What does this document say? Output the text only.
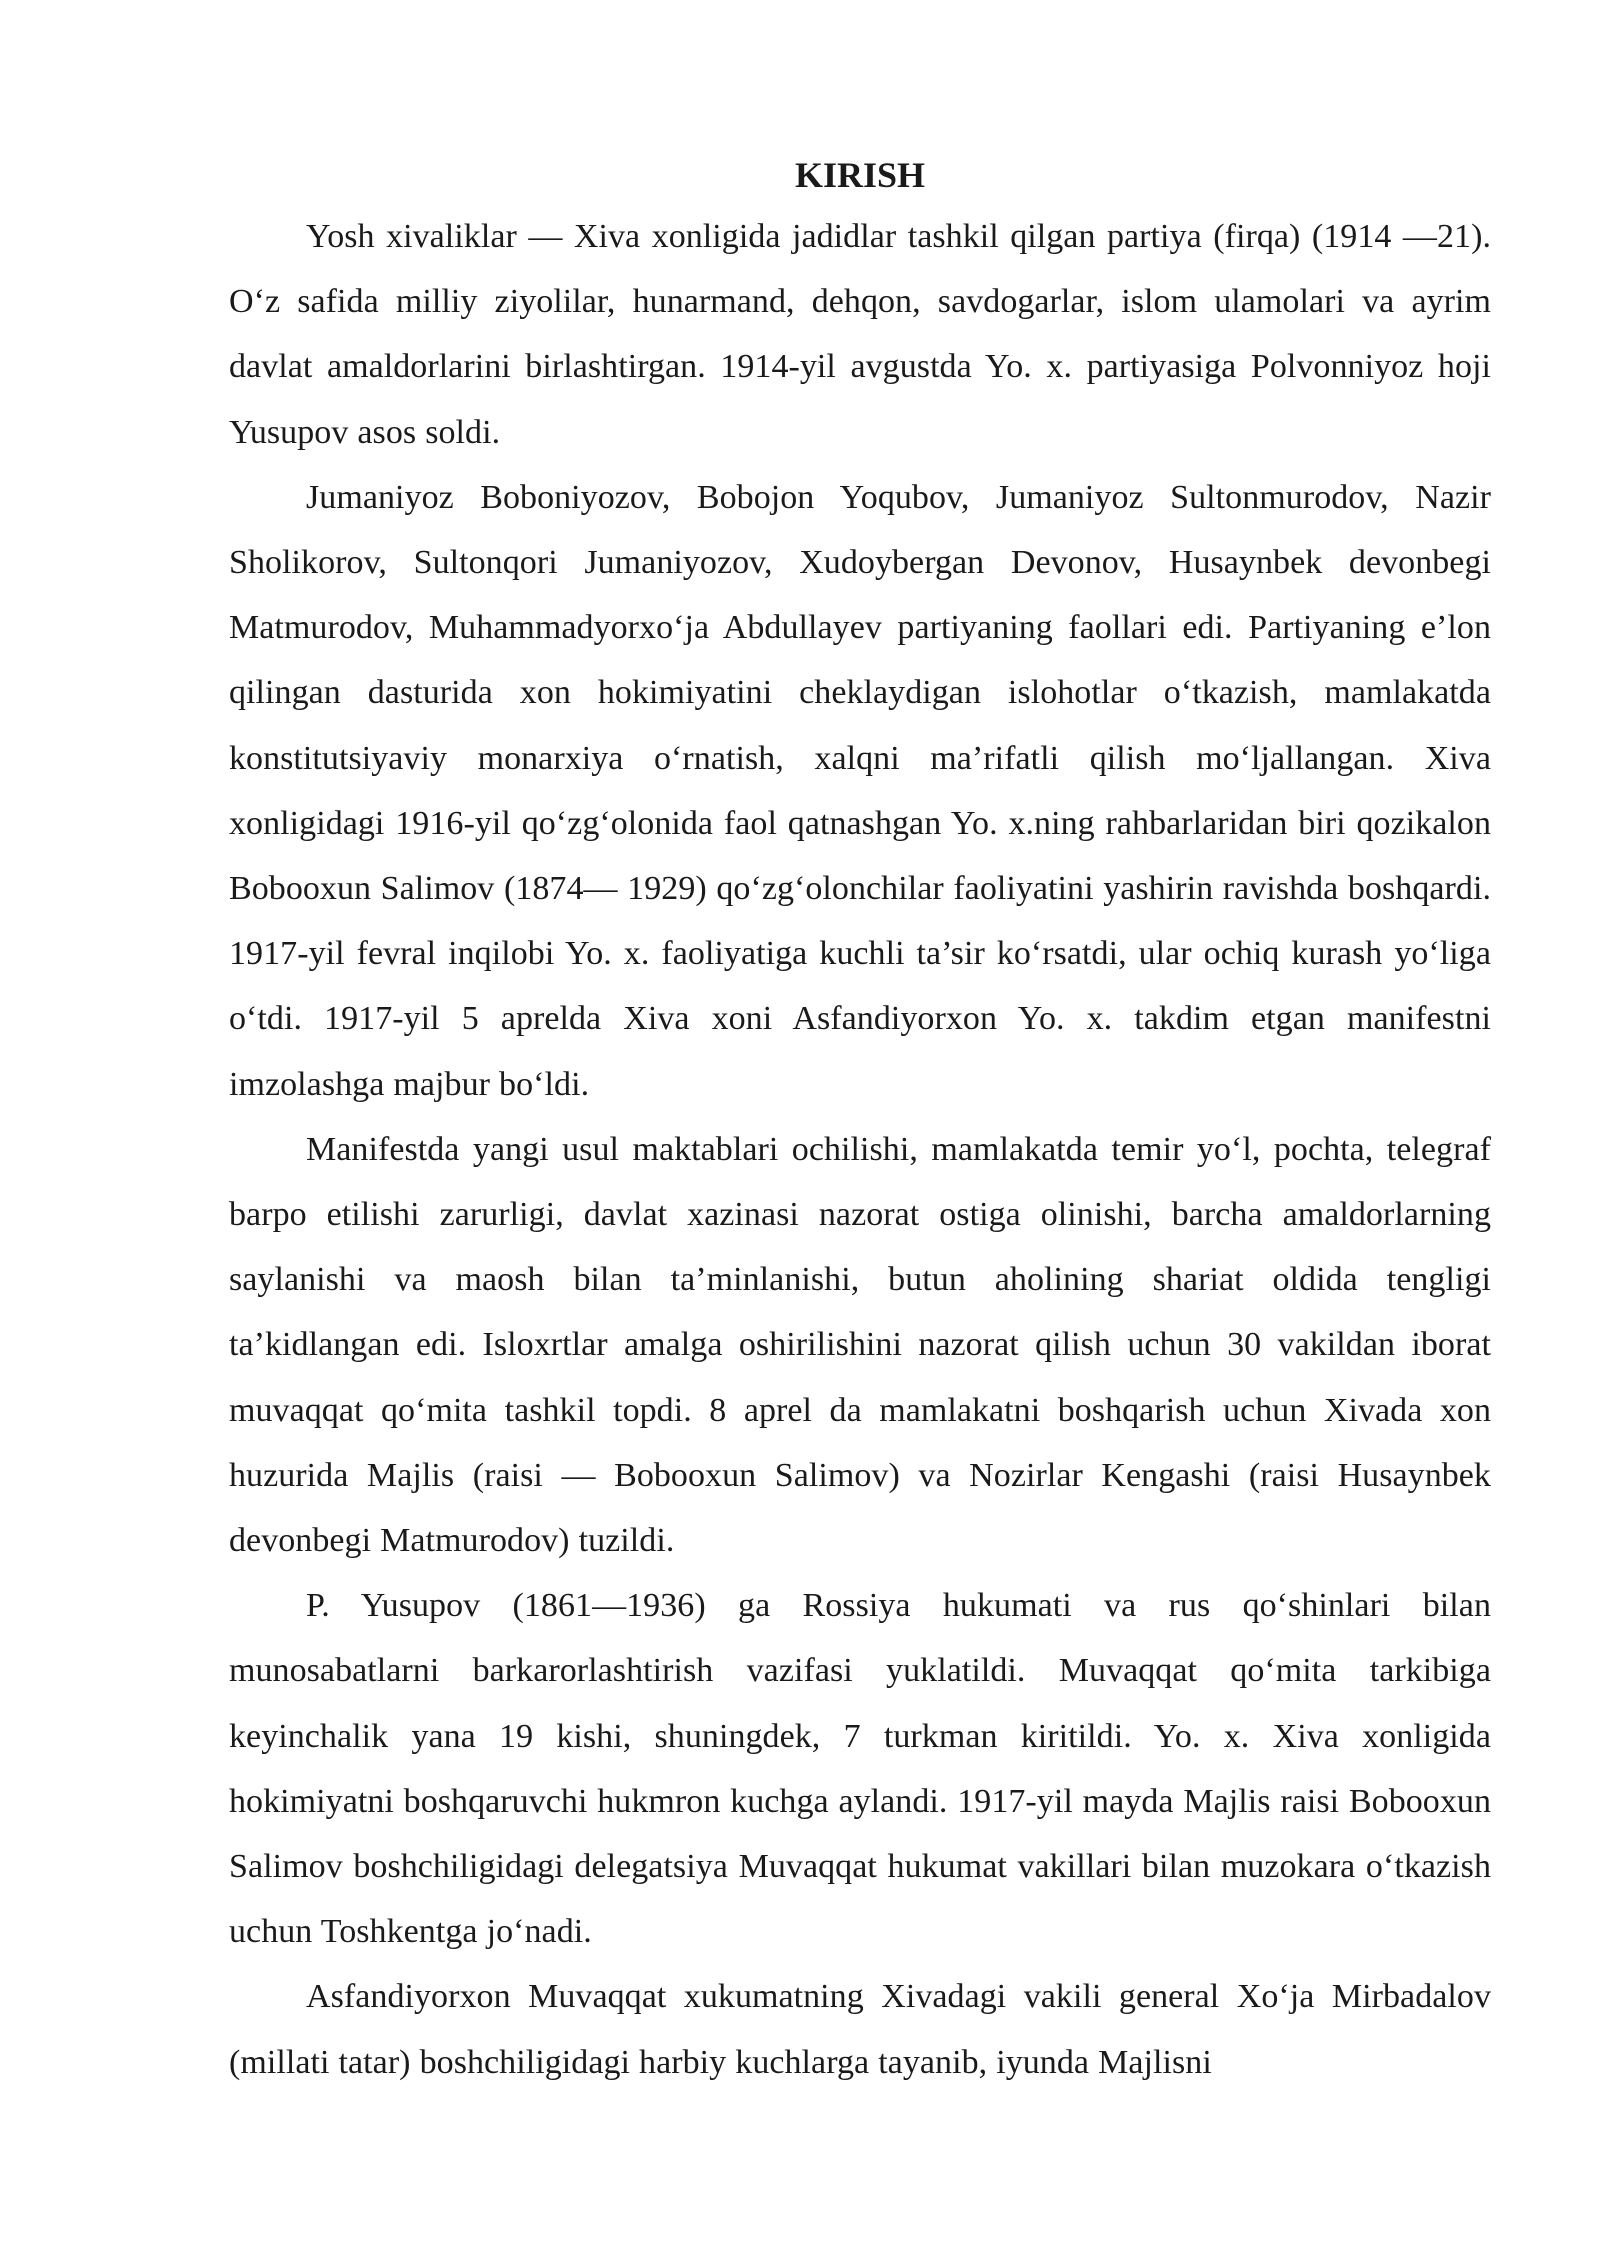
KIRISH

Yosh xivaliklar — Xiva xonligida jadidlar tashkil qilgan partiya (firqa) (1914 —21). O‘z safida milliy ziyolilar, hunarmand, dehqon, savdogarlar, islom ulamolari va ayrim davlat amaldorlarini birlashtirgan. 1914-yil avgustda Yo. x. partiyasiga Polvonniyoz hoji Yusupov asos soldi.

Jumaniyoz Boboniyozov, Bobojon Yoqubov, Jumaniyoz Sultonmurodov, Nazir Sholikorov, Sultonqori Jumaniyozov, Xudoybergan Devonov, Husaynbek devonbegi Matmurodov, Muhammadyorxo‘ja Abdullayev partiyaning faollari edi. Partiyaning e’lon qilingan dasturida xon hokimiyatini cheklaydigan islohotlar o‘tkazish, mamlakatda konstitutsiyaviy monarxiya o‘rnatish, xalqni ma’rifatli qilish mo‘ljallangan. Xiva xonligidagi 1916-yil qo‘zg‘olonida faol qatnashgan Yo. x.ning rahbarlaridan biri qozikalon Bobooxun Salimov (1874— 1929) qo‘zg‘olonchilar faoliyatini yashirin ravishda boshqardi. 1917-yil fevral inqilobi Yo. x. faoliyatiga kuchli ta’sir ko‘rsatdi, ular ochiq kurash yo‘liga o‘tdi. 1917-yil 5 aprelda Xiva xoni Asfandiyorxon Yo. x. takdim etgan manifestni imzolashga majbur bo‘ldi.

Manifestda yangi usul maktablari ochilishi, mamlakatda temir yo‘l, pochta, telegraf barpo etilishi zarurligi, davlat xazinasi nazorat ostiga olinishi, barcha amaldorlarning saylanishi va maosh bilan ta’minlanishi, butun aholining shariat oldida tengligi ta’kidlangan edi. Isloxrtlar amalga oshirilishini nazorat qilish uchun 30 vakildan iborat muvaqqat qo‘mita tashkil topdi. 8 aprel da mamlakatni boshqarish uchun Xivada xon huzurida Majlis (raisi — Bobooxun Salimov) va Nozirlar Kengashi (raisi Husaynbek devonbegi Matmurodov) tuzildi.

P. Yusupov (1861—1936) ga Rossiya hukumati va rus qo‘shinlari bilan munosabatlarni barkarorlashtirish vazifasi yuklatildi. Muvaqqat qo‘mita tarkibiga keyinchalik yana 19 kishi, shuningdek, 7 turkman kiritildi. Yo. x. Xiva xonligida hokimiyatni boshqaruvchi hukmron kuchga aylandi. 1917-yil mayda Majlis raisi Bobooxun Salimov boshchiligidagi delegatsiya Muvaqqat hukumat vakillari bilan muzokara o‘tkazish uchun Toshkentga jo‘nadi.

Asfandiyorxon Muvaqqat xukumatning Xivadagi vakili general Xo‘ja Mirbadalov (millati tatar) boshchiligidagi harbiy kuchlarga tayanib, iyunda Majlisni
